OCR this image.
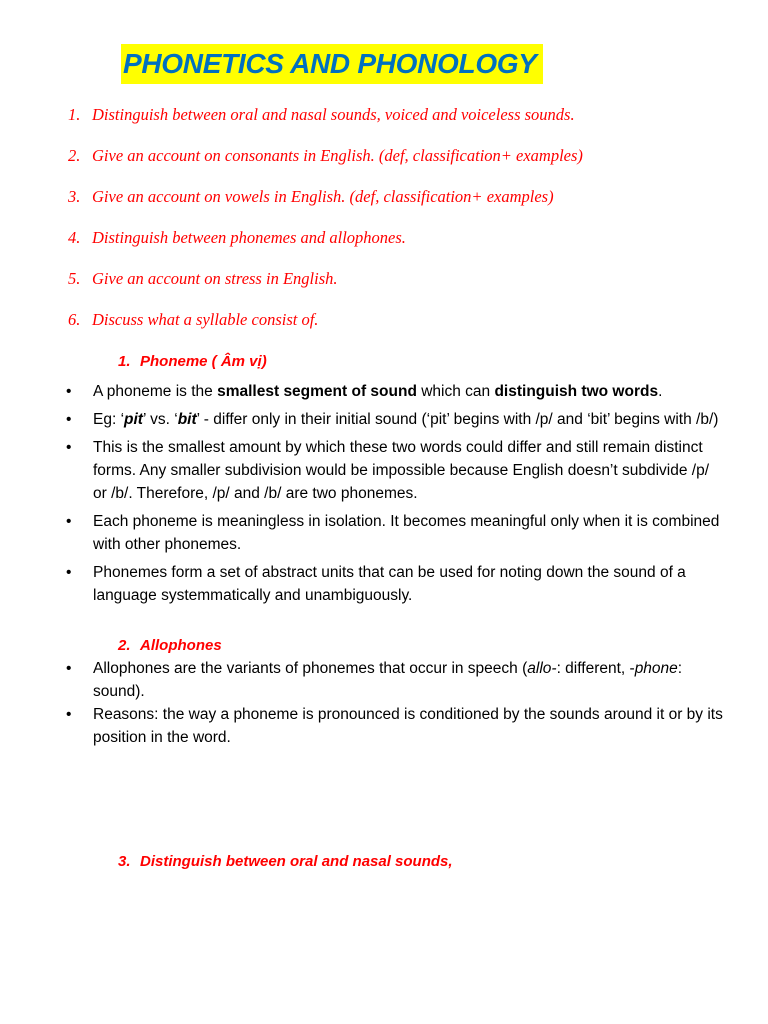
PHONETICS AND PHONOLOGY
1. Distinguish between oral and nasal sounds, voiced and voiceless sounds.
2. Give an account on consonants in English. (def, classification+ examples)
3. Give an account on vowels in English. (def, classification+ examples)
4. Distinguish between phonemes and allophones.
5. Give an account on stress in English.
6. Discuss what a syllable consist of.
1. Phoneme ( Âm vị)
• A phoneme is the smallest segment of sound which can distinguish two words.
• Eg: ‘pit’ vs. ‘bit’ - differ only in their initial sound (‘pit’ begins with /p/ and ‘bit’ begins with /b/)
• This is the smallest amount by which these two words could differ and still remain distinct forms. Any smaller subdivision would be impossible because English doesn’t subdivide /p/ or /b/. Therefore, /p/ and /b/ are two phonemes.
• Each phoneme is meaningless in isolation. It becomes meaningful only when it is combined with other phonemes.
• Phonemes form a set of abstract units that can be used for noting down the sound of a language systemmatically and unambiguously.
2. Allophones
• Allophones are the variants of phonemes that occur in speech (allo-: different, -phone: sound).
• Reasons: the way a phoneme is pronounced is conditioned by the sounds around it or by its position in the word.
3. Distinguish between oral and nasal sounds,
